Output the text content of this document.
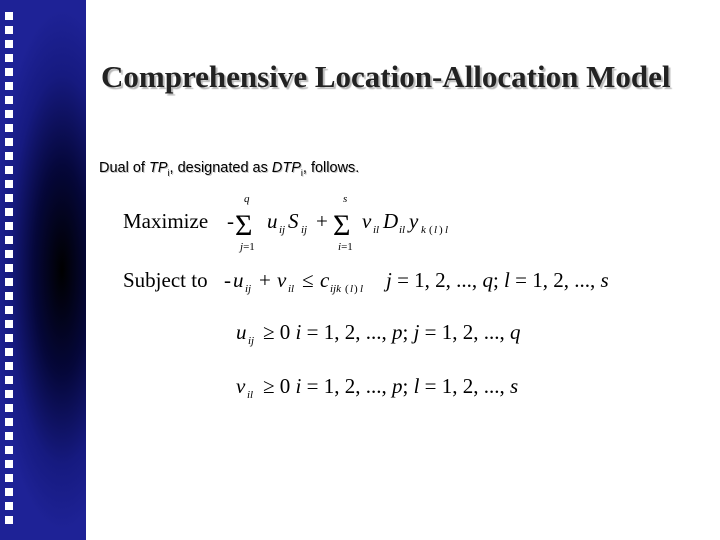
Comprehensive Location-Allocation Model
Dual of $TP_i$, designated as $DTP_i$, follows.
Maximize -
q
Σ
j=1
u ij S ij +
s
Σ
i=1
v il D il y k ( l ) l
Subject to - u ij + v il ≤ c ijk ( l ) l j = 1, 2, ..., q; l = 1, 2, ..., s
u ij ≥ 0 i = 1, 2, ..., p; j = 1, 2, ..., q
v il ≥ 0 i = 1, 2, ..., p; l = 1, 2, ..., s
